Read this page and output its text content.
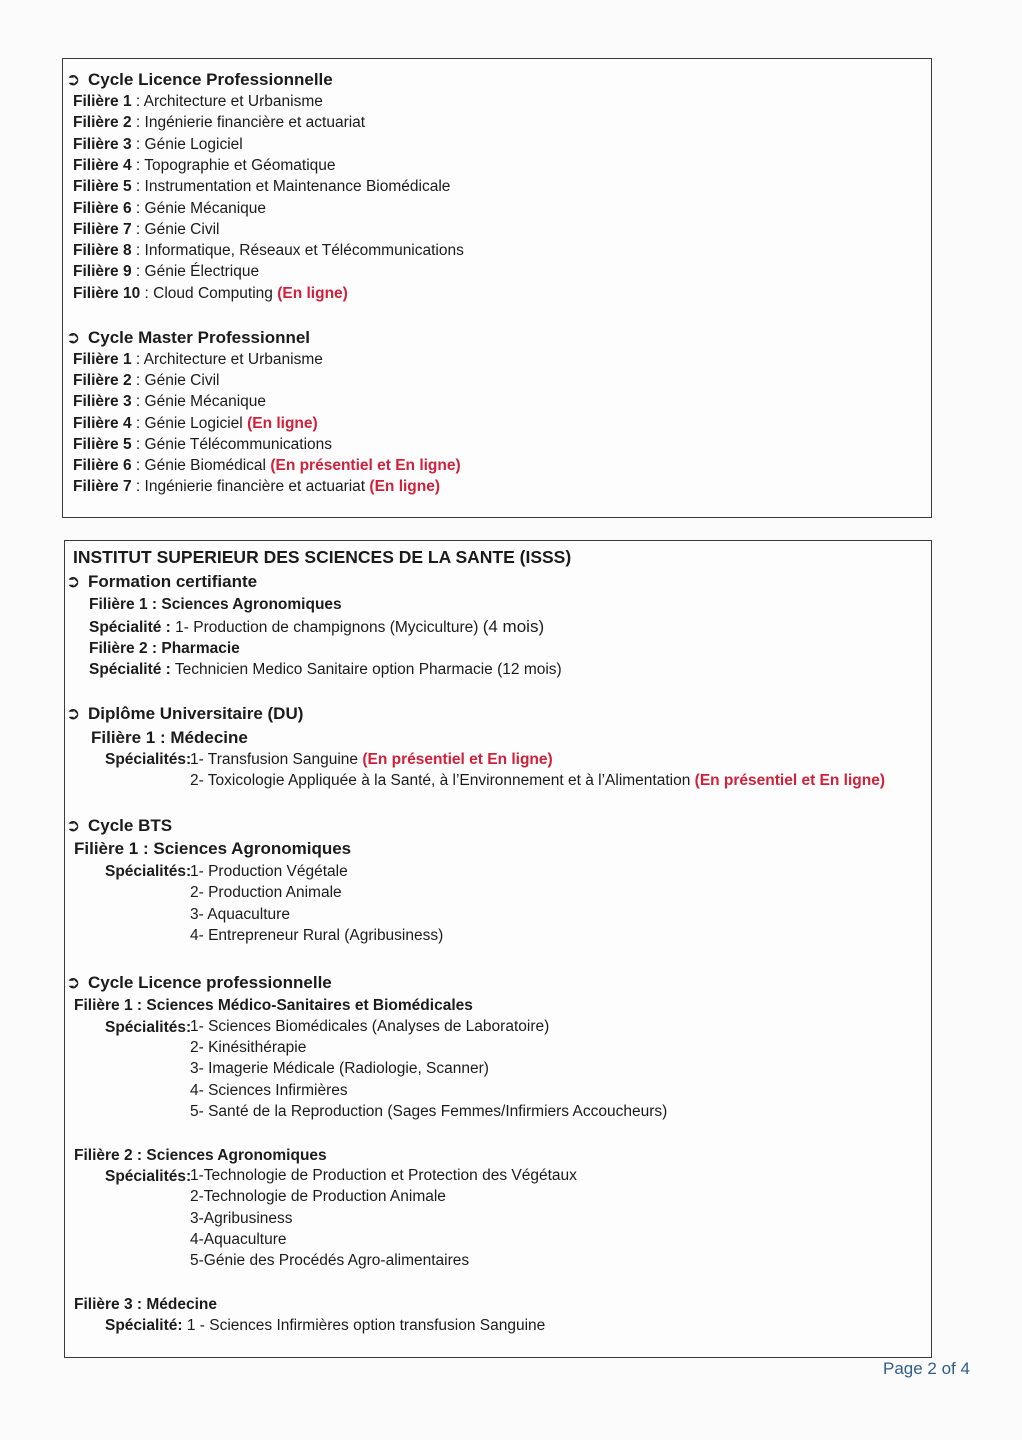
➲ Cycle Licence Professionnelle
Filière 1 : Architecture et Urbanisme
Filière 2 : Ingénierie financière et actuariat
Filière 3 : Génie Logiciel
Filière 4 : Topographie et Géomatique
Filière 5 : Instrumentation et Maintenance Biomédicale
Filière 6 : Génie Mécanique
Filière 7 : Génie Civil
Filière 8 : Informatique, Réseaux et Télécommunications
Filière 9 : Génie Électrique
Filière 10 : Cloud Computing (En ligne)
➲ Cycle Master Professionnel
Filière 1 : Architecture et Urbanisme
Filière 2 : Génie Civil
Filière 3 : Génie Mécanique
Filière 4 : Génie Logiciel (En ligne)
Filière 5 : Génie Télécommunications
Filière 6 : Génie Biomédical (En présentiel et En ligne)
Filière 7 : Ingénierie financière et actuariat (En ligne)
INSTITUT SUPERIEUR DES SCIENCES DE LA SANTE (ISSS)
➲ Formation certifiante
Filière 1 : Sciences Agronomiques
Spécialité : 1- Production de champignons (Myciculture) (4 mois)
Filière 2 : Pharmacie
Spécialité : Technicien Medico Sanitaire option Pharmacie (12 mois)
➲ Diplôme Universitaire (DU)
Filière 1 : Médecine
Spécialités:
1- Transfusion Sanguine (En présentiel et En ligne)
2- Toxicologie Appliquée à la Santé, à l’Environnement et à l’Alimentation (En présentiel et En ligne)
➲ Cycle BTS
Filière 1 : Sciences Agronomiques
Spécialités:
1- Production Végétale
2- Production Animale
3- Aquaculture
4- Entrepreneur Rural (Agribusiness)
➲ Cycle Licence professionnelle
Filière 1 : Sciences Médico-Sanitaires et Biomédicales
Spécialités:
1- Sciences Biomédicales (Analyses de Laboratoire)
2- Kinésithérapie
3- Imagerie Médicale (Radiologie, Scanner)
4- Sciences Infirmières
5- Santé de la Reproduction (Sages Femmes/Infirmiers Accoucheurs)
Filière 2 : Sciences Agronomiques
Spécialités:
1-Technologie de Production et Protection des Végétaux
2-Technologie de Production Animale
3-Agribusiness
4-Aquaculture
5-Génie des Procédés Agro-alimentaires
Filière 3 : Médecine
Spécialité: 1 - Sciences Infirmières option transfusion Sanguine
Page 2 of 4
